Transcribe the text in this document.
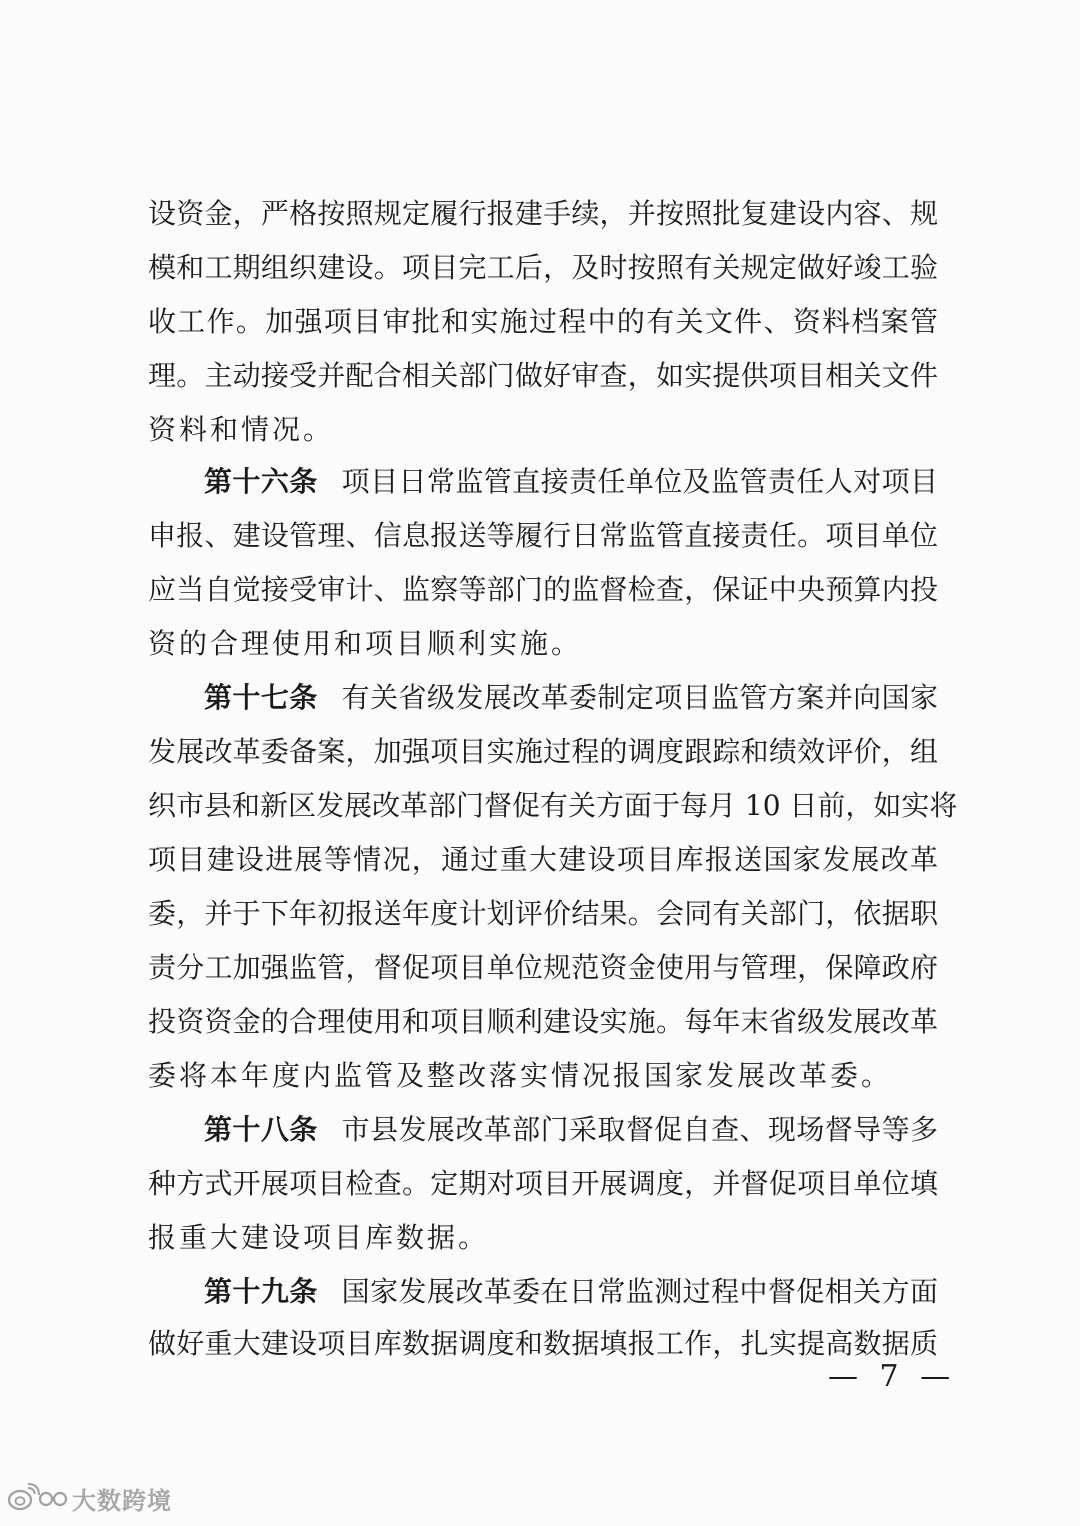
设资金，严格按照规定履行报建手续，并按照批复建设内容、规
模和工期组织建设。项目完工后，及时按照有关规定做好竣工验
收工作。加强项目审批和实施过程中的有关文件、资料档案管
理。主动接受并配合相关部门做好审查，如实提供项目相关文件
资料和情况。
第十六条 项目日常监管直接责任单位及监管责任人对项目
申报、建设管理、信息报送等履行日常监管直接责任。项目单位
应当自觉接受审计、监察等部门的监督检查，保证中央预算内投
资的合理使用和项目顺利实施。
第十七条 有关省级发展改革委制定项目监管方案并向国家
发展改革委备案，加强项目实施过程的调度跟踪和绩效评价，组
织市县和新区发展改革部门督促有关方面于每月 10 日前，如实将
项目建设进展等情况，通过重大建设项目库报送国家发展改革
委，并于下年初报送年度计划评价结果。会同有关部门，依据职
责分工加强监管，督促项目单位规范资金使用与管理，保障政府
投资资金的合理使用和项目顺利建设实施。每年末省级发展改革
委将本年度内监管及整改落实情况报国家发展改革委。
第十八条 市县发展改革部门采取督促自查、现场督导等多
种方式开展项目检查。定期对项目开展调度，并督促项目单位填
报重大建设项目库数据。
第十九条 国家发展改革委在日常监测过程中督促相关方面
做好重大建设项目库数据调度和数据填报工作，扎实提高数据质
— 7 —
大数跨境
